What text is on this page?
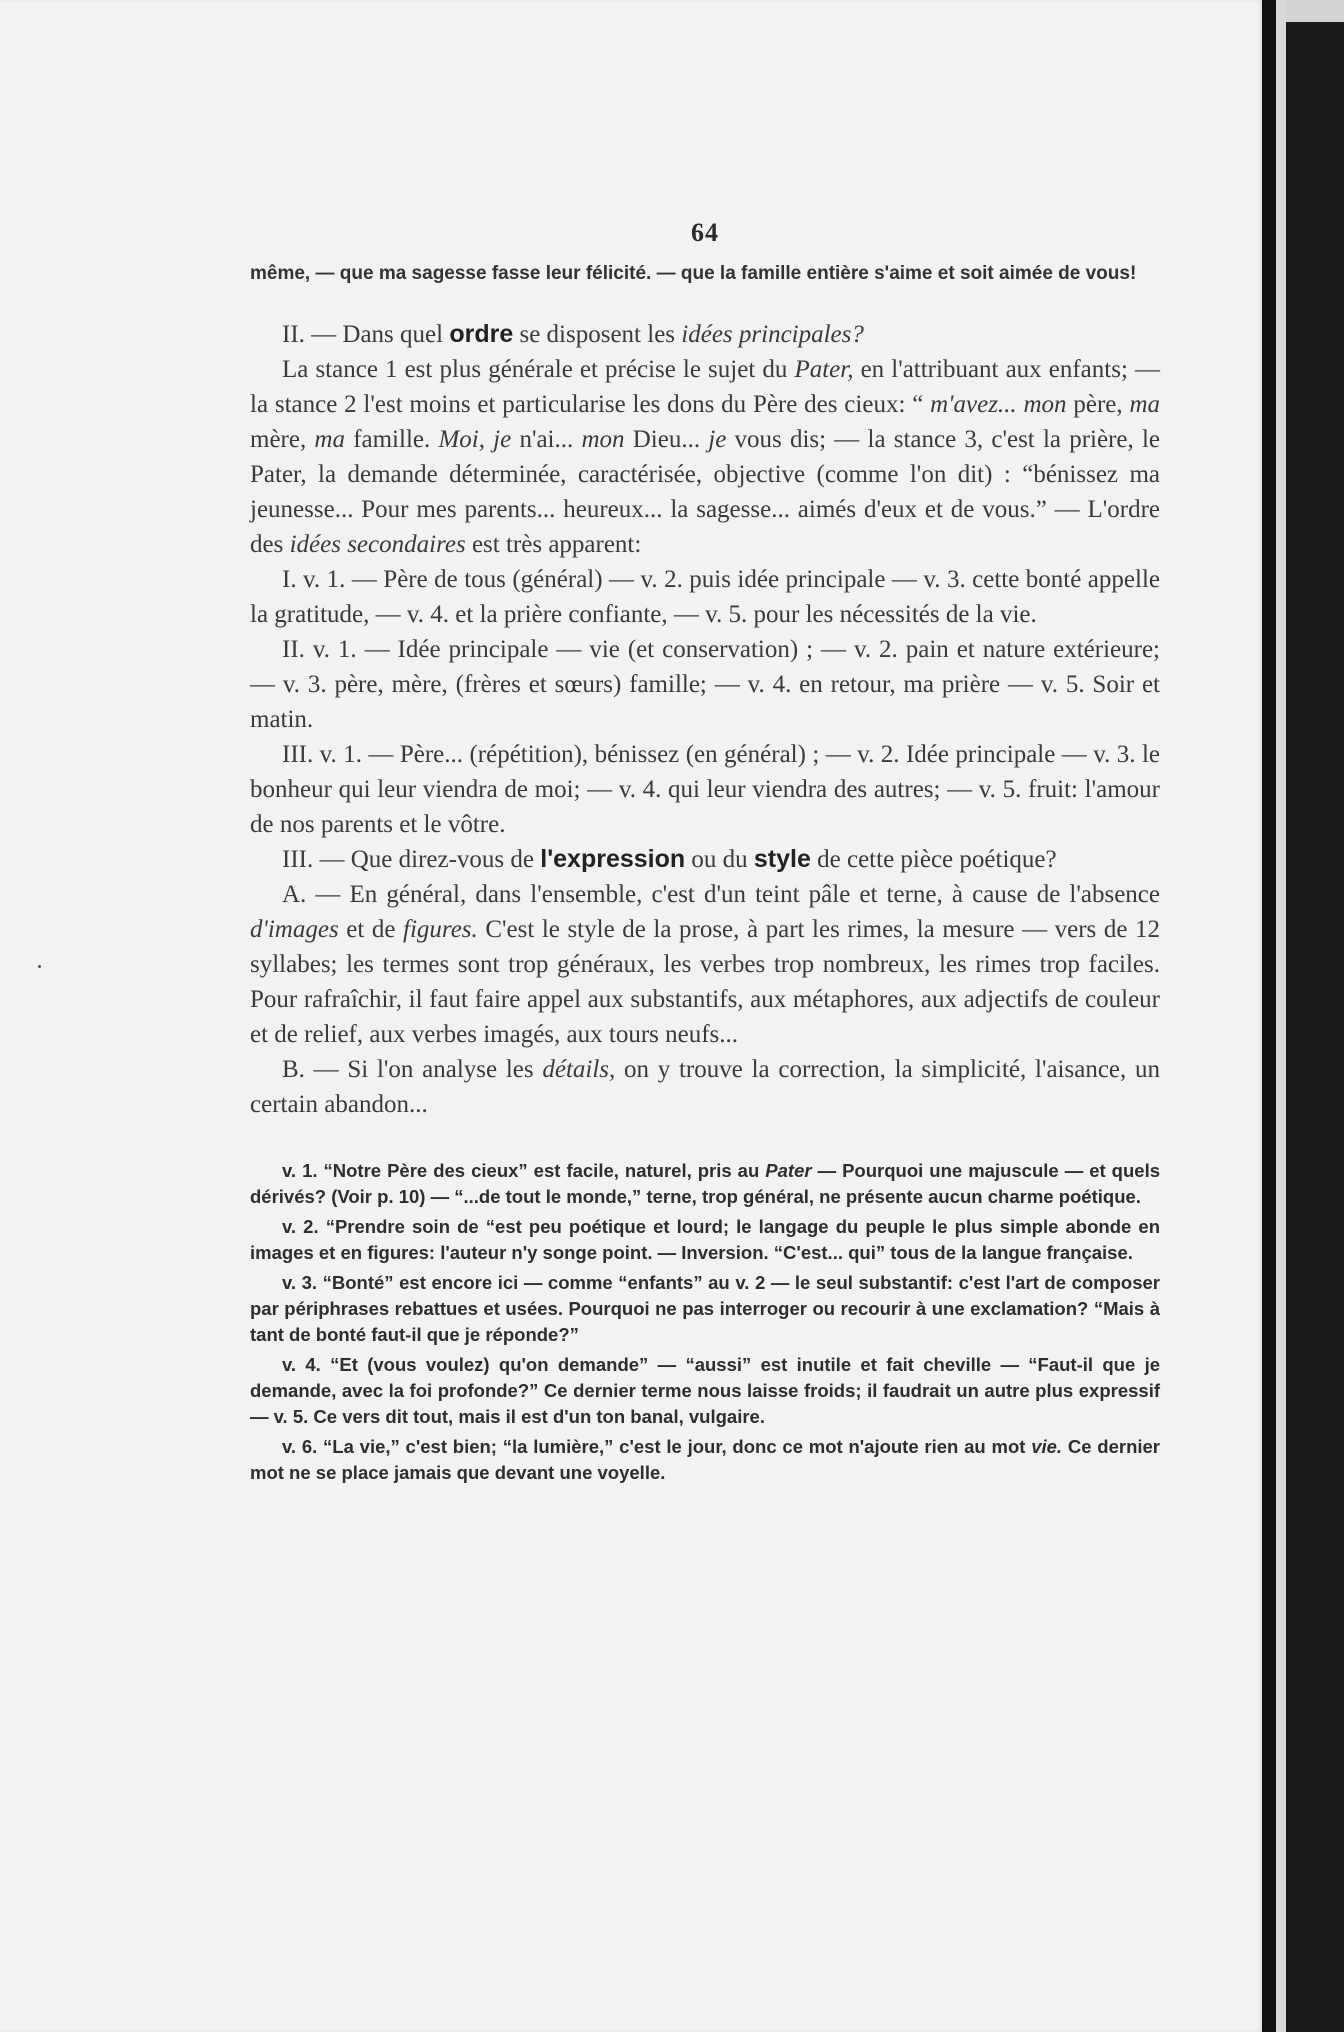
64

même, — que ma sagesse fasse leur félicité. — que la famille entière s'aime et soit aimée de vous!

II. — Dans quel ordre se disposent les idées principales?

La stance 1 est plus générale et précise le sujet du Pater, en l'attribuant aux enfants; — la stance 2 l'est moins et particularise les dons du Père des cieux: “ m'avez... mon père, ma mère, ma famille. Moi, je n'ai... mon Dieu... je vous dis; — la stance 3, c'est la prière, le Pater, la demande déterminée, caractérisée, objective (comme l'on dit) : “bénissez ma jeunesse... Pour mes parents... heureux... la sagesse... aimés d'eux et de vous.” — L'ordre des idées secondaires est très apparent:

I. v. 1. — Père de tous (général) — v. 2. puis idée principale — v. 3. cette bonté appelle la gratitude, — v. 4. et la prière confiante, — v. 5. pour les nécessités de la vie.

II. v. 1. — Idée principale — vie (et conservation) ; — v. 2. pain et nature extérieure; — v. 3. père, mère, (frères et sœurs) famille; — v. 4. en retour, ma prière — v. 5. Soir et matin.

III. v. 1. — Père... (répétition), bénissez (en général) ; — v. 2. Idée principale — v. 3. le bonheur qui leur viendra de moi; — v. 4. qui leur viendra des autres; — v. 5. fruit: l'amour de nos parents et le vôtre.

III. — Que direz-vous de l'expression ou du style de cette pièce poétique?

A. — En général, dans l'ensemble, c'est d'un teint pâle et terne, à cause de l'absence d'images et de figures. C'est le style de la prose, à part les rimes, la mesure — vers de 12 syllabes; les termes sont trop généraux, les verbes trop nombreux, les rimes trop faciles. Pour rafraîchir, il faut faire appel aux substantifs, aux métaphores, aux adjectifs de couleur et de relief, aux verbes imagés, aux tours neufs...

B. — Si l'on analyse les détails, on y trouve la correction, la simplicité, l'aisance, un certain abandon...

v. 1. “Notre Père des cieux” est facile, naturel, pris au Pater — Pourquoi une majuscule — et quels dérivés? (Voir p. 10) — “...de tout le monde,” terne, trop général, ne présente aucun charme poétique.

v. 2. “Prendre soin de “est peu poétique et lourd; le langage du peuple le plus simple abonde en images et en figures: l'auteur n'y songe point. — Inversion. “C'est... qui” tous de la langue française.

v. 3. “Bonté” est encore ici — comme “enfants” au v. 2 — le seul substantif: c'est l'art de composer par périphrases rebattues et usées. Pourquoi ne pas interroger ou recourir à une exclamation? “Mais à tant de bonté faut-il que je réponde?”

v. 4. “Et (vous voulez) qu'on demande” — “aussi” est inutile et fait cheville — “Faut-il que je demande, avec la foi profonde?” Ce dernier terme nous laisse froids; il faudrait un autre plus expressif — v. 5. Ce vers dit tout, mais il est d'un ton banal, vulgaire.

v. 6. “La vie,” c'est bien; “la lumière,” c'est le jour, donc ce mot n'ajoute rien au mot vie. Ce dernier mot ne se place jamais que devant une voyelle.
